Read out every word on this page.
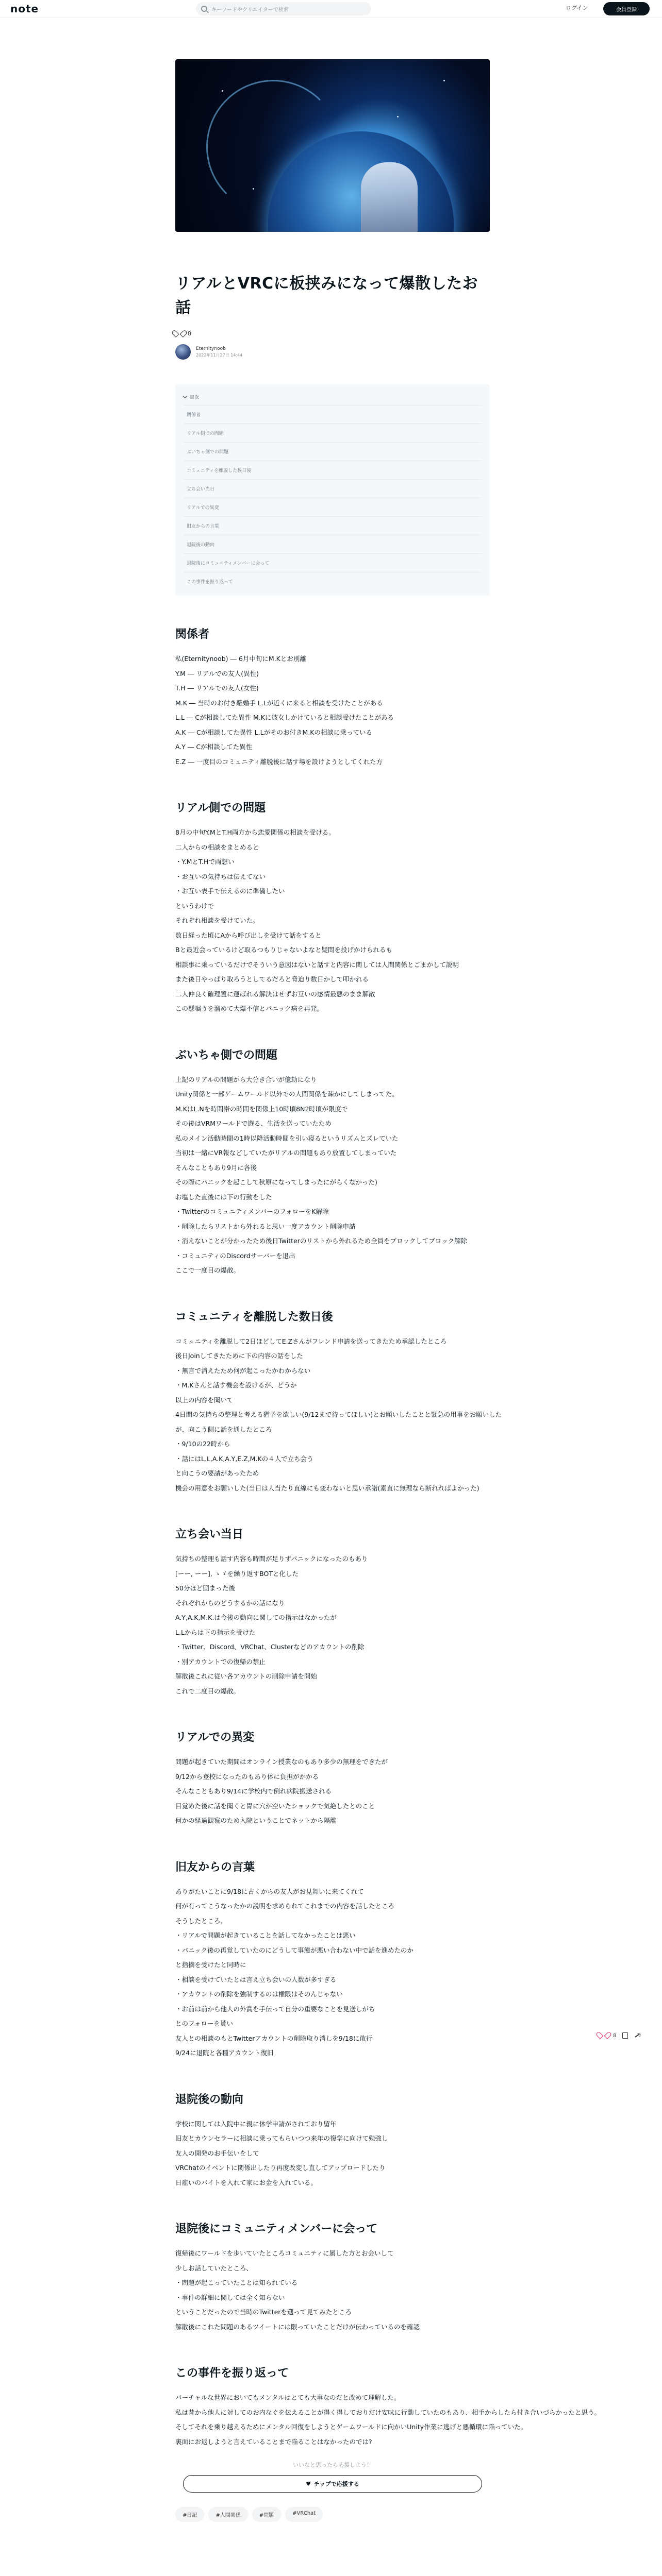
note	キーワードやクリエイターで検索	ログイン	会員登録
リアルとVRCに板挟みになって爆散したお話
8
Eternitynoob
2022年11月27日 14:44
目次
関係者
リアル側での問題
ぶいちゃ側での問題
コミュニティを離脱した数日後
立ち会い当日
リアルでの異変
旧友からの言葉
退院後の動向
退院後にコミュニティメンバーに会って
この事件を振り返って
関係者

私(Eternitynoob) ― 6月中旬にM.Kとお別離
Y.M ― リアルでの友人(異性)
T.H ― リアルでの友人(女性)
M.K ― 当時のお付き離婚手 L.Lが近くに来ると相談を受けたことがある
L.L ― Cが相談してた異性 M.Kに彼女しかけていると相談受けたことがある
A.K ― Cが相談してた異性 L.Lがそのお付きM.Kの相談に乗っている
A.Y ― Cが相談してた異性
E.Z ― 一度目のコミュニティ離脱後に話す場を設けようとしてくれた方

リアル側での問題

8月の中旬Y.MとT.H両方から恋愛関係の相談を受ける。
二人からの相談をまとめると
・Y.MとT.Hで両想い
・お互いの気持ちは伝えてない
・お互い表手で伝えるのに準備したい
というわけで
それぞれ相談を受けていた。
数日経った頃にAから呼び出しを受けて話をすると
Bと最近会っているけど取るつもりじゃないよなと疑問を投げかけられるも
相談事に乗っているだけでそういう意図はないと話すと内容に関しては人間関係とごまかして説明
また後日やっぱり取ろうとしてるだろと脅迫り数日かして叩かれる
二人仲良く確理置に運ばれる解決はせずお互いの感情最悪のまま解散
この懸嘱うを溜めて大爆不信とパニック病を再発。

ぶいちゃ側での問題

上記のリアルの問題から大分き合いが億劫になり
Unity関係と一部ゲームワールド以外での人間関係を疎かにしてしまってた。
M.KはL.Nを時間帯の時間を関係上10時頃8N2時頃が限度で
その後はVRMワールドで遊る、生活を送っていたため
私のメイン活動時間の1時以降活動時間を引い寝るというリズムとズレていた
当初は一緒にVR報などしていたがリアルの問題もあり放置してしまっていた
そんなこともあり9月に各後
その際にパニックを起こして秋原になってしまったにがらくなかった)
お塩した直後には下の行動をした
・TwitterのコミュニティメンバーのフォローをK解除
・削除したらリストから外れると思い一度アカウント削除申請
・消えないことが分かったため後日Twitterのリストから外れるため全員をブロックしてブロック解除
・コミュニティのDiscordサーバーを退出
ここで一度目の爆散。

コミュニティを離脱した数日後

コミュニティを離脱して2日ほどしてE.Zさんがフレンド申請を送ってきたため承認したところ
後日Joinしてきたために下の内容の話をした
・無言で消えたため何が起こったかわからない
・M.Kさんと話す機会を設けるが、どうか
以上の内容を聞いて
4日間の気持ちの整理と考える猶予を欲しい(9/12まで待ってほしい)とお願いしたことと緊急の用事をお願いした
が、向こう側に話を通したところ
・9/10の22時から
・話にはL.L,A.K,A.Y,E.Z,M.Kの４人で立ち会う
と向こうの要請があったため
機会の用意をお願いした(当日は人当たり直線にも変わないと思い承諾(素直に無理なら断れればよかった)

立ち会い当日

気持ちの整理も話す内容も時間が足りずパニックになったのもあり
[ーー, ーー], ゝゞを繰り返すBOTと化した
50分ほど固まった後
それぞれからのどうするかの話になり
A.Y,A.K,M.K.は今後の動向に関しての指示はなかったが
L.Lからは下の指示を受けた
・Twitter、Discord、VRChat、Clusterなどのアカウントの削除
・別アカウントでの復帰の禁止
解散後これに従い各アカウントの削除申請を開始
これで二度目の爆散。

リアルでの異変

問題が起きていた期間はオンライン授業なのもあり多少の無理をできたが
9/12から登校になったのもあり体に負担がかかる
そんなこともあり9/14に学校内で倒れ病院搬送される
目覚めた後に話を聞くと胃に穴が空いたショックで気絶したとのこと
何かの経過観察のため入院ということでネットから隔離

旧友からの言葉

ありがたいことに9/18に古くからの友人がお見舞いに来てくれて
何が有ってこうなったかの説明を求められてこれまでの内容を話したところ
そうしたところ、
・リアルで問題が起きていることを話してなかったことは悪い
・パニック後の再覚していたのにどうして事態が悪い合わない中で話を進めたのか
と指摘を受けたと同時に
・相談を受けていたとは言え立ち会いの人数が多すぎる
・アカウントの削除を強制するのは権限はそのんじゃない
・お前は前から他人の外賞を手伝って自分の重要なことを見送しがち
とのフォローを貰い
友人との相談のもとTwitterアカウントの削除取り消しを9/18に敢行
9/24に退院と各種アカウント復旧

退院後の動向

学校に関しては入院中に親に休学申請がされており留年
旧友とカウンセラーに相談に乗ってもらいつつ来年の復学に向けて勉強し
友人の開発のお手伝いをして
VRChatのイベントに関係出したり再度改変し直してアップロードしたり
日雇いのバイトを入れて家にお金を入れている。

退院後にコミュニティメンバーに会って

復帰後にワールドを歩いていたところコミュニティに属した方とお会いして
少しお話していたところ、
・問題が起こっていたことは知られている
・事件の詳細に関しては全く知らない
ということだったので当時のTwitterを遡って見てみたところ
解散後にこれた問題のあるツイートには限っていたことだけが伝わっているのを確認

この事件を振り返って

バーチャルな世界においてもメンタルはとても大事なのだと改めて理解した。
私は昔から他人に対してのお内なぐを伝えることが得く得しておりだけ安味に行動していたのもあり、相手からしたら付き合いづらかったと思う。
そしてそれを乗り越えるためにメンタル回復をしようとゲームワールドに向かいUnity作業に逃げと悪循環に陥っていた。
裏面にお返しようと言えていることまで陥ることはなかったのでは?

いいなと思ったら応援しよう！
♥ チップで応援する
#日記	#人間関係	#問題	#VRChat
8
